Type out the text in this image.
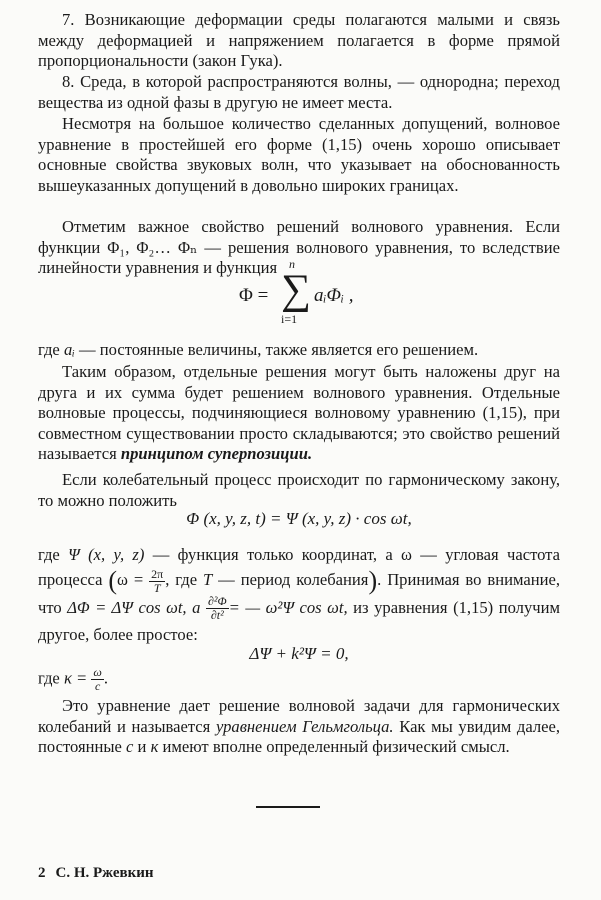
7. Возникающие деформации среды полагаются малыми и связь между деформацией и напряжением полагается в форме прямой пропорциональности (закон Гука).

8. Среда, в которой распространяются волны, — однородна; переход вещества из одной фазы в другую не имеет места.

Несмотря на большое количество сделанных допущений, волновое уравнение в простейшей его форме (1,15) очень хорошо описывает основные свойства звуковых волн, что указывает на обоснованность вышеуказанных допущений в довольно широких границах.

Отметим важное свойство решений волнового уравнения. Если функции Φ₁, Φ₂… Φₙ — решения волнового уравнения, то вследствие линейности уравнения и функция

Φ =
n
∑
i=1
aᵢΦᵢ ,

где aᵢ — постоянные величины, также является его решением.

Таким образом, отдельные решения могут быть наложены друг на друга и их сумма будет решением волнового уравнения. Отдельные волновые процессы, подчиняющиеся волновому уравнению (1,15), при совместном существовании просто складываются; это свойство решений называется принципом суперпозиции.

Если колебательный процесс происходит по гармоническому закону, то можно положить

Φ (x, y, z, t) = Ψ (x, y, z) · cos ωt,

где Ψ (x, y, z) — функция только координат, а ω — угловая частота процесса ($\omega = \frac{2\pi}{T}$ , где T — период колебания). Принимая во внимание, что ΔΦ = ΔΨ cos ωt, а $\frac{\text{∂²Φ}}{\text{∂t²}}$ = — ω²Ψ cos ωt, из уравнения (1,15) получим другое, более простое:

ΔΨ + k²Ψ = 0,

где $\kappa = \frac{\omega}{c}$ .

Это уравнение дает решение волновой задачи для гармонических колебаний и называется уравнением Гельмгольца. Как мы увидим далее, постоянные c и к имеют вполне определенный физический смысл.

2 С. Н. Ржевкин
